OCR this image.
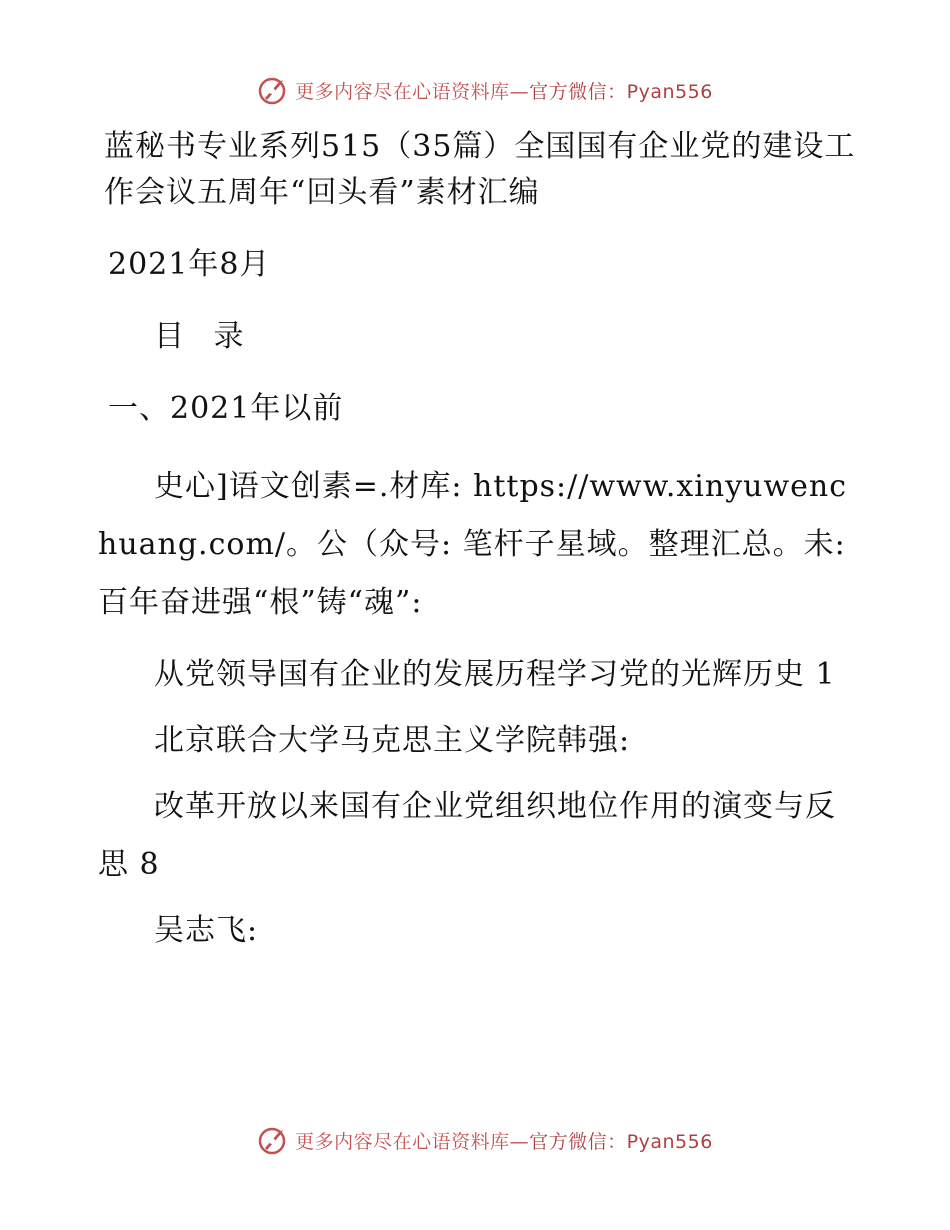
更多内容尽在心语资料库—官方微信：Pyan556

蓝秘书专业系列515（35篇）全国国有企业党的建设工作会议五周年“回头看”素材汇编

2021年8月

目 录

一、2021年以前

史心]语文创素=.材库: https://www.xinyuwenchuang.com/。公（众号: 笔杆子星域。整理汇总。未: 百年奋进强“根”铸“魂”:

从党领导国有企业的发展历程学习党的光辉历史 1

北京联合大学马克思主义学院韩强:

改革开放以来国有企业党组织地位作用的演变与反思 8

吴志飞:

更多内容尽在心语资料库—官方微信：Pyan556
